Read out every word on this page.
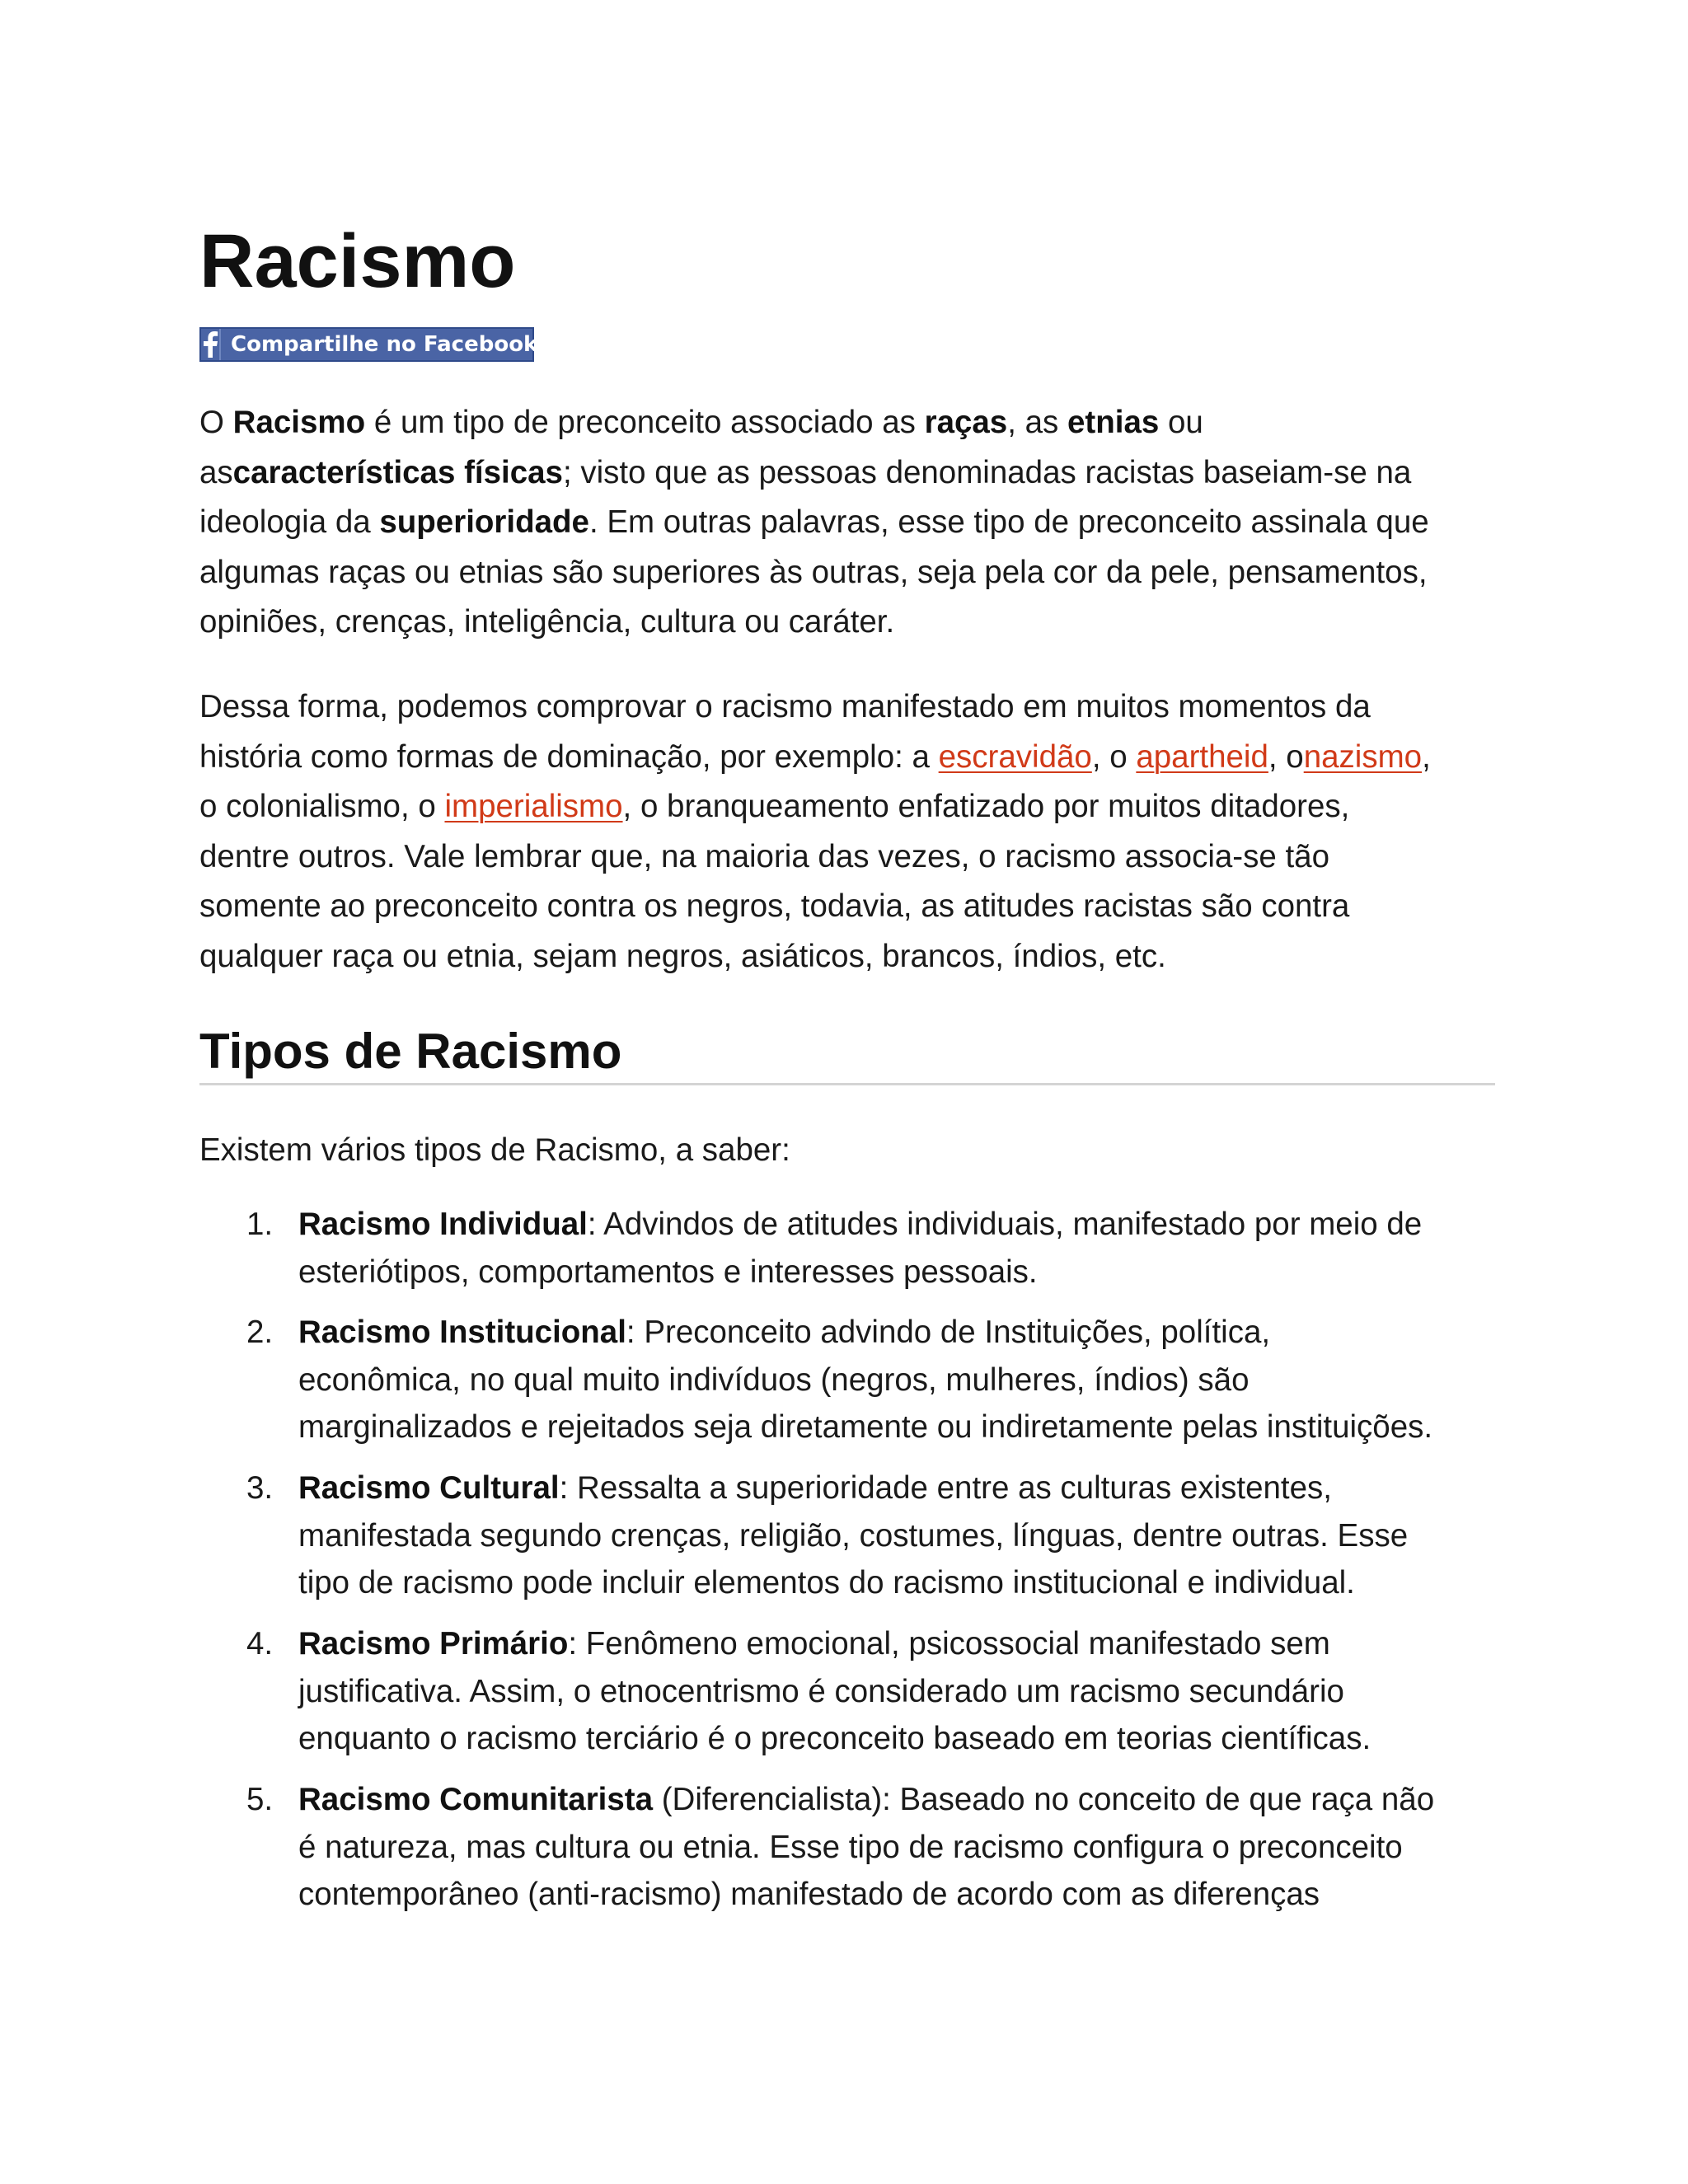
Racismo
Compartilhe no Facebook

O Racismo é um tipo de preconceito associado as raças, as etnias ou
ascaracterísticas físicas; visto que as pessoas denominadas racistas baseiam-se na
ideologia da superioridade. Em outras palavras, esse tipo de preconceito assinala que
algumas raças ou etnias são superiores às outras, seja pela cor da pele, pensamentos,
opiniões, crenças, inteligência, cultura ou caráter.

Dessa forma, podemos comprovar o racismo manifestado em muitos momentos da
história como formas de dominação, por exemplo: a escravidão, o apartheid, onazismo,
o colonialismo, o imperialismo, o branqueamento enfatizado por muitos ditadores,
dentre outros. Vale lembrar que, na maioria das vezes, o racismo associa-se tão
somente ao preconceito contra os negros, todavia, as atitudes racistas são contra
qualquer raça ou etnia, sejam negros, asiáticos, brancos, índios, etc.

Tipos de Racismo

Existem vários tipos de Racismo, a saber:

1. Racismo Individual: Advindos de atitudes individuais, manifestado por meio de
esteriótipos, comportamentos e interesses pessoais.
2. Racismo Institucional: Preconceito advindo de Instituições, política,
econômica, no qual muito indivíduos (negros, mulheres, índios) são
marginalizados e rejeitados seja diretamente ou indiretamente pelas instituições.
3. Racismo Cultural: Ressalta a superioridade entre as culturas existentes,
manifestada segundo crenças, religião, costumes, línguas, dentre outras. Esse
tipo de racismo pode incluir elementos do racismo institucional e individual.
4. Racismo Primário: Fenômeno emocional, psicossocial manifestado sem
justificativa. Assim, o etnocentrismo é considerado um racismo secundário
enquanto o racismo terciário é o preconceito baseado em teorias científicas.
5. Racismo Comunitarista (Diferencialista): Baseado no conceito de que raça não
é natureza, mas cultura ou etnia. Esse tipo de racismo configura o preconceito
contemporâneo (anti-racismo) manifestado de acordo com as diferenças
